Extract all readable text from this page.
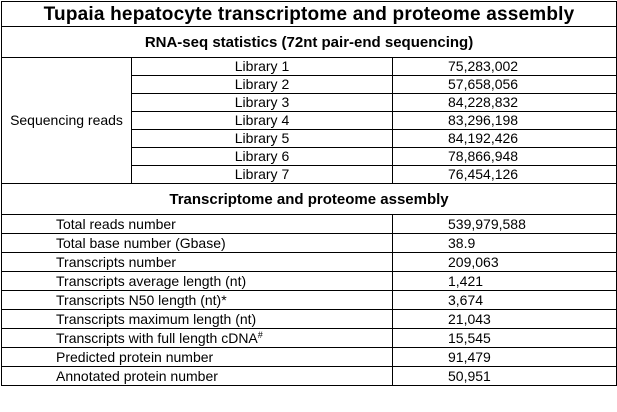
Tupaia hepatocyte transcriptome and proteome assembly		
RNA-seq statistics (72nt pair-end sequencing)		
Sequencing reads	Library 1	75,283,002
	Library 2	57,658,056
	Library 3	84,228,832
	Library 4	83,296,198
	Library 5	84,192,426
	Library 6	78,866,948
	Library 7	76,454,126
Transcriptome and proteome assembly		
Total reads number		539,979,588
Total base number (Gbase)		38.9
Transcripts number		209,063
Transcripts average length (nt)		1,421
Transcripts N50 length (nt)*		3,674
Transcripts maximum length (nt)		21,043
Transcripts with full length cDNA#		15,545
Predicted protein number		91,479
Annotated protein number		50,951
